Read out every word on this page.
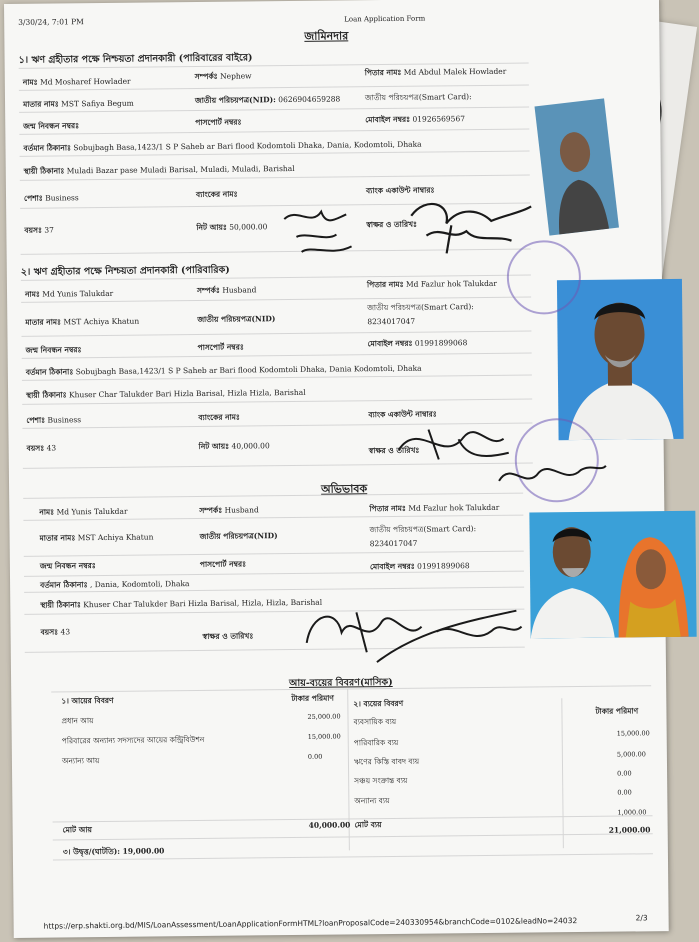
3/30/24, 7:01 PM	Loan Application Form
জামিনদার
১। ঋণ গ্রহীতার পক্ষে নিশ্চয়তা প্রদানকারী (পারিবারের বাইরে)
নামঃ Md Mosharef Howlader
সম্পর্কঃ Nephew	পিতার নামঃ Md Abdul Malek Howlader
মাতার নামঃ MST Safiya Begum	জাতীয় পরিচয়পত্র(NID): 0626904659288	জাতীয় পরিচয়পত্র(Smart Card):
জন্ম নিবন্ধন নম্বরঃ	পাসপোর্ট নম্বরঃ	মোবাইল নম্বরঃ 01926569567
বর্তমান ঠিকানাঃ Sobujbagh Basa,1423/1 S P Saheb ar Bari flood Kodomtoli Dhaka, Dania, Kodomtoli, Dhaka
স্থায়ী ঠিকানাঃ Muladi Bazar pase Muladi Barisal, Muladi, Muladi, Barishal
পেশাঃ Business	ব্যাংকের নামঃ	ব্যাংক একাউন্ট নাম্বারঃ
বয়সঃ 37	নিট আয়ঃ 50,000.00	স্বাক্ষর ও তারিখঃ
২। ঋণ গ্রহীতার পক্ষে নিশ্চয়তা প্রদানকারী (পারিবারিক)
নামঃ Md Yunis Talukdar	সম্পর্কঃ Husband
পিতার নামঃ Md Fazlur hok Talukdar
মাতার নামঃ MST Achiya Khatun	জাতীয় পরিচয়পত্র(NID)
জাতীয় পরিচয়পত্র(Smart Card):
8234017047
জন্ম নিবন্ধন নম্বরঃ	পাসপোর্ট নম্বরঃ	মোবাইল নম্বরঃ 01991899068
বর্তমান ঠিকানাঃ Sobujbagh Basa,1423/1 S P Saheb ar Bari flood Kodomtoli Dhaka, Dania Kodomtoli, Dhaka
স্থায়ী ঠিকানাঃ Khuser Char Talukder Bari Hizla Barisal, Hizla Hizla, Barishal
পেশাঃ Business	ব্যাংকের নামঃ	ব্যাংক একাউন্ট নাম্বারঃ
বয়সঃ 43	নিট আয়ঃ 40,000.00	স্বাক্ষর ও তারিখঃ
অভিভাবক
নামঃ Md Yunis Talukdar	সম্পর্কঃ Husband	পিতার নামঃ Md Fazlur hok Talukdar
মাতার নামঃ MST Achiya Khatun	জাতীয় পরিচয়পত্র(NID)
জাতীয় পরিচয়পত্র(Smart Card):
8234017047
জন্ম নিবন্ধন নম্বরঃ	পাসপোর্ট নম্বরঃ	মোবাইল নম্বরঃ 01991899068
বর্তমান ঠিকানাঃ , Dania, Kodomtoli, Dhaka
স্থায়ী ঠিকানাঃ Khuser Char Talukder Bari Hizla Barisal, Hizla, Hizla, Barishal
বয়সঃ 43	স্বাক্ষর ও তারিখঃ
আয়-ব্যয়ের বিবরণ(মাসিক)
১। আয়ের বিবরণ	টাকার পরিমাণ
২। ব্যয়ের বিবরণ
টাকার পরিমাণ
প্রধান আয়	25,000.00
পরিবারের অন্যান্য সদস্যদের আয়ের কন্ট্রিবিউশন	15,000.00
অন্যান্য আয়	0.00
ব্যবসায়িক ব্যয়
15,000.00
পারিবারিক ব্যয়
5,000.00
ঋণের কিস্তি বাবদ ব্যয়
0.00
সঞ্চয় সংক্রান্ত ব্যয়
0.00
অন্যান্য ব্যয়
1,000.00
মোট আয়	40,000.00 মোট ব্যয়
21,000.00
৩। উদ্বৃত্ত/(ঘাটতি): 19,000.00
https://erp.shakti.org.bd/MIS/LoanAssessment/LoanApplicationFormHTML?loanProposalCode=240330954&branchCode=0102&leadNo=24032	2/3
